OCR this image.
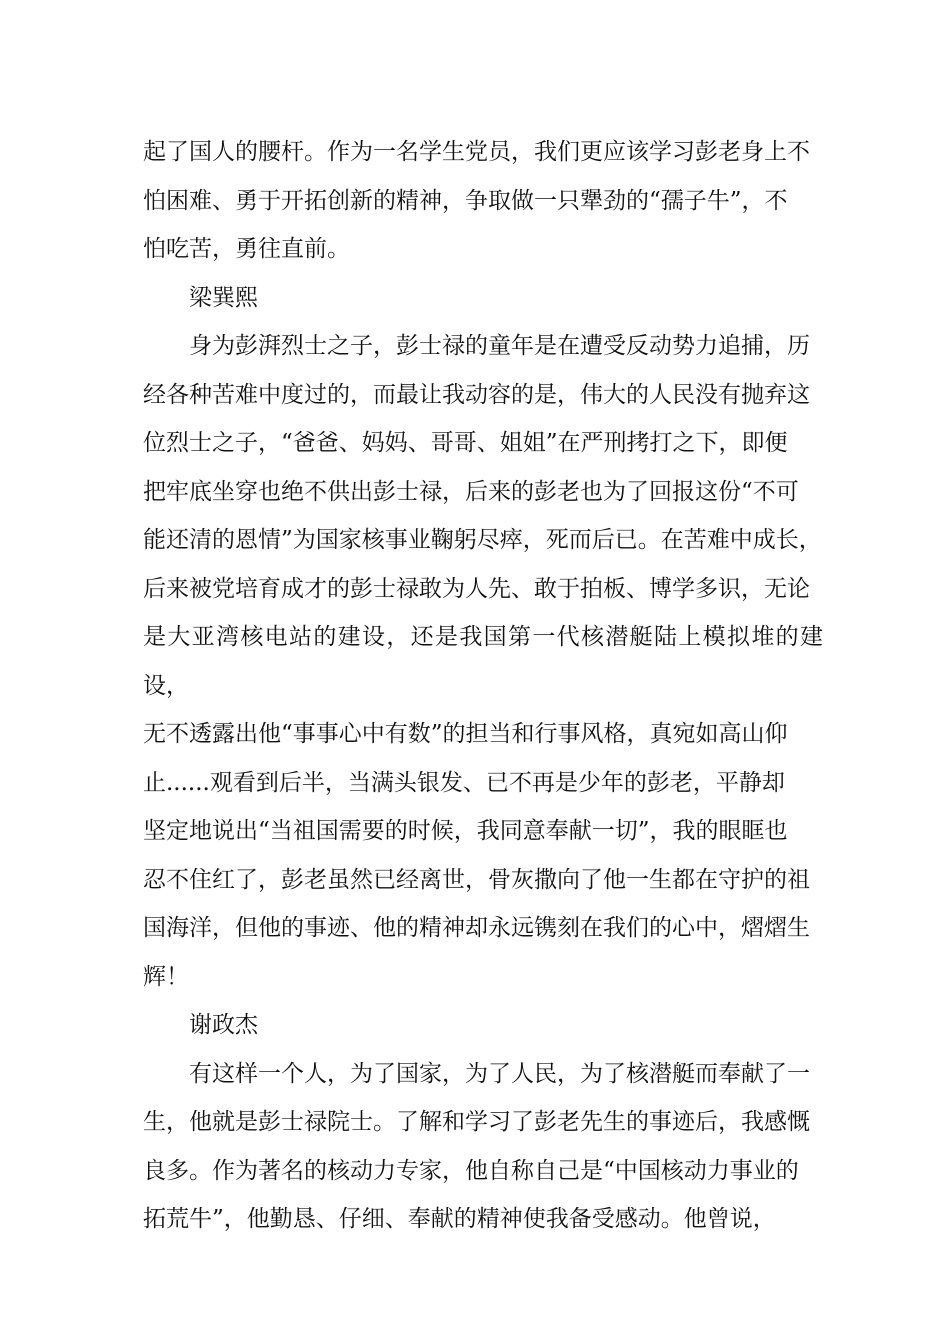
起了国人的腰杆。作为一名学生党员，我们更应该学习彭老身上不
怕困难、勇于开拓创新的精神，争取做一只犟劲的“孺子牛”，不
怕吃苦，勇往直前。

梁巽熙

身为彭湃烈士之子，彭士禄的童年是在遭受反动势力追捕，历
经各种苦难中度过的，而最让我动容的是，伟大的人民没有抛弃这
位烈士之子，“爸爸、妈妈、哥哥、姐姐”在严刑拷打之下，即便
把牢底坐穿也绝不供出彭士禄，后来的彭老也为了回报这份“不可
能还清的恩情”为国家核事业鞠躬尽瘁，死而后已。在苦难中成长，
后来被党培育成才的彭士禄敢为人先、敢于拍板、博学多识，无论
是大亚湾核电站的建设，还是我国第一代核潜艇陆上模拟堆的建设，
无不透露出他“事事心中有数”的担当和行事风格，真宛如高山仰
止......观看到后半，当满头银发、已不再是少年的彭老，平静却
坚定地说出“当祖国需要的时候，我同意奉献一切”，我的眼眶也
忍不住红了，彭老虽然已经离世，骨灰撒向了他一生都在守护的祖
国海洋，但他的事迹、他的精神却永远镌刻在我们的心中，熠熠生
辉！

谢政杰

有这样一个人，为了国家，为了人民，为了核潜艇而奉献了一
生，他就是彭士禄院士。了解和学习了彭老先生的事迹后，我感慨
良多。作为著名的核动力专家，他自称自己是“中国核动力事业的
拓荒牛”，他勤恳、仔细、奉献的精神使我备受感动。他曾说，
